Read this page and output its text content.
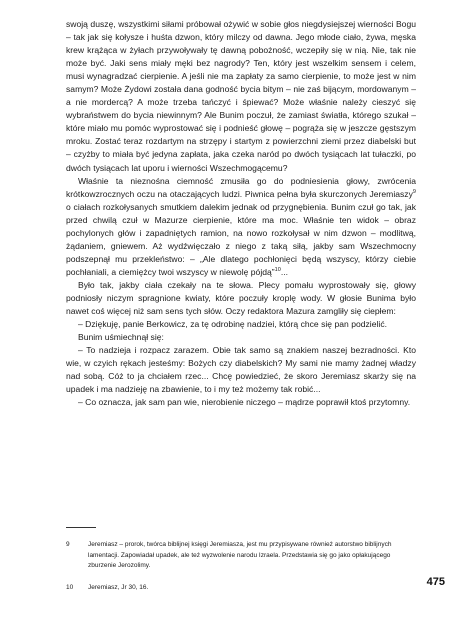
swoją duszę, wszystkimi siłami próbował ożywić w sobie głos niegdysiejszej wierności Bogu – tak jak się kołysze i huśta dzwon, który milczy od dawna. Jego młode ciało, żywa, męska krew krążąca w żyłach przywoływały tę dawną pobożność, wczepiły się w nią. Nie, tak nie może być. Jaki sens miały męki bez nagrody? Ten, który jest wszelkim sensem i celem, musi wynagradzać cierpienie. A jeśli nie ma zapłaty za samo cierpienie, to może jest w nim samym? Może Żydowi została dana godność bycia bitym – nie zaś bijącym, mordowanym – a nie mordercą? A może trzeba tańczyć i śpiewać? Może właśnie należy cieszyć się wybraństwem do bycia niewinnym? Ale Bunim poczuł, że zamiast światła, którego szukał – które miało mu pomóc wyprostować się i podnieść głowę – pogrąża się w jeszcze gęstszym mroku. Zostać teraz rozdartym na strzępy i startym z powierzchni ziemi przez diabelski but – czyżby to miała być jedyna zapłata, jaka czeka naród po dwóch tysiącach lat tułaczki, po dwóch tysiącach lat uporu i wierności Wszechmogącemu?

Właśnie ta nieznośna ciemność zmusiła go do podniesienia głowy, zwrócenia krótkowzrocznych oczu na otaczających ludzi. Piwnica pełna była skurczonych Jeremiaszy$^9$ o ciałach rozkołysanych smutkiem dalekim jednak od przygnębienia. Bunim czuł go tak, jak przed chwilą czuł w Mazurze cierpienie, które ma moc. Właśnie ten widok – obraz pochylonych głów i zapadniętych ramion, na nowo rozkołysał w nim dzwon – modlitwą, żądaniem, gniewem. Aż wydźwięczało z niego z taką siłą, jakby sam Wszechmocny podszepnął mu przekleństwo: – „Ale dlatego pochłonięci będą wszyscy, którzy ciebie pochłaniali, a ciemiężcy twoi wszyscy w niewolę pójdą”$^{10}$...

Było tak, jakby ciała czekały na te słowa. Plecy pomału wyprostowały się, głowy podniosły niczym spragnione kwiaty, które poczuły kroplę wody. W głosie Bunima było nawet coś więcej niż sam sens tych słów. Oczy redaktora Mazura zamgliły się ciepłem:

– Dziękuję, panie Berkowicz, za tę odrobinę nadziei, którą chce się pan podzielić.

Bunim uśmiechnął się:

– To nadzieja i rozpacz zarazem. Obie tak samo są znakiem naszej bezradności. Kto wie, w czyich rękach jesteśmy: Bożych czy diabelskich? My sami nie mamy żadnej władzy nad sobą. Cóż to ja chciałem rzec... Chcę powiedzieć, że skoro Jeremiasz skarży się na upadek i ma nadzieję na zbawienie, to i my też możemy tak robić...

– Co oznacza, jak sam pan wie, nierobienie niczego – mądrze poprawił ktoś przytomny.

9	Jeremiasz – prorok, twórca biblijnej księgi Jeremiasza, jest mu przypisywane również autorstwo biblijnych lamentacji. Zapowiadał upadek, ale też wyzwolenie narodu Izraela. Przedstawia się go jako opłakującego zburzenie Jerozolimy.
10 Jeremiasz, Jr 30, 16.	475
